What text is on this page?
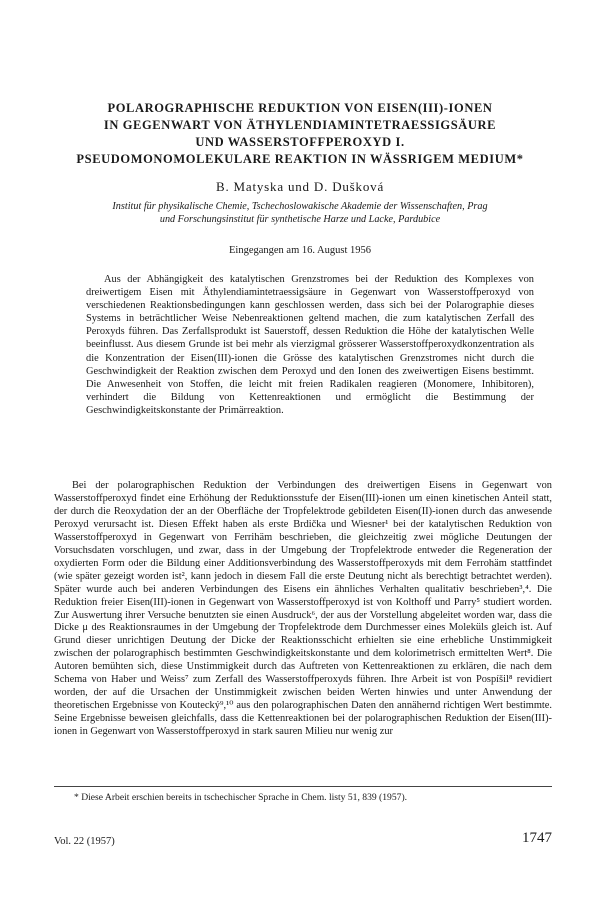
POLAROGRAPHISCHE REDUKTION VON EISEN(III)-IONEN
IN GEGENWART VON ÄTHYLENDIAMINTETRAESSIGSÄURE
UND WASSERSTOFFPEROXYD I.
PSEUDOMONOMOLEKULARE REAKTION IN WÄSSRIGEM MEDIUM*
B. Matyska und D. Dušková
Institut für physikalische Chemie, Tschechoslowakische Akademie der Wissenschaften, Prag
und Forschungsinstitut für synthetische Harze und Lacke, Pardubice
Eingegangen am 16. August 1956

Aus der Abhängigkeit des katalytischen Grenzstromes bei der Reduktion des Komplexes von dreiwertigem Eisen mit Äthylendiamintetraessigsäure in Gegenwart von Wasserstoffperoxyd von verschiedenen Reaktionsbedingungen kann geschlossen werden, dass sich bei der Polarographie dieses Systems in beträchtlicher Weise Nebenreaktionen geltend machen, die zum katalytischen Zerfall des Peroxyds führen. Das Zerfallsprodukt ist Sauerstoff, dessen Reduktion die Höhe der katalytischen Welle beeinflusst. Aus diesem Grunde ist bei mehr als vierzigmal grösserer Wasserstoffperoxydkonzentration als die Konzentration der Eisen(III)-ionen die Grösse des katalytischen Grenzstromes nicht durch die Geschwindigkeit der Reaktion zwischen dem Peroxyd und den Ionen des zweiwertigen Eisens bestimmt. Die Anwesenheit von Stoffen, die leicht mit freien Radikalen reagieren (Monomere, Inhibitoren), verhindert die Bildung von Kettenreaktionen und ermöglicht die Bestimmung der Geschwindigkeitskonstante der Primärreaktion.

Bei der polarographischen Reduktion der Verbindungen des dreiwertigen Eisens in Gegenwart von Wasserstoffperoxyd findet eine Erhöhung der Reduktionsstufe der Eisen(III)-ionen um einen kinetischen Anteil statt, der durch die Reoxydation der an der Oberfläche der Tropfelektrode gebildeten Eisen(II)-ionen durch das anwesende Peroxyd verursacht ist. Diesen Effekt haben als erste Brdička und Wiesner¹ bei der katalytischen Reduktion von Wasserstoffperoxyd in Gegenwart von Ferrihäm beschrieben, die gleichzeitig zwei mögliche Deutungen der Vorsuchsdaten vorschlugen, und zwar, dass in der Umgebung der Tropfelektrode entweder die Regeneration der oxydierten Form oder die Bildung einer Additionsverbindung des Wasserstoffperoxyds mit dem Ferrohäm stattfindet (wie später gezeigt worden ist², kann jedoch in diesem Fall die erste Deutung nicht als berechtigt betrachtet werden). Später wurde auch bei anderen Verbindungen des Eisens ein ähnliches Verhalten qualitativ beschrieben³,⁴. Die Reduktion freier Eisen(III)-ionen in Gegenwart von Wasserstoffperoxyd ist von Kolthoff und Parry⁵ studiert worden. Zur Auswertung ihrer Versuche benutzten sie einen Ausdruck⁶, der aus der Vorstellung abgeleitet worden war, dass die Dicke μ des Reaktionsraumes in der Umgebung der Tropfelektrode dem Durchmesser eines Moleküls gleich ist. Auf Grund dieser unrichtigen Deutung der Dicke der Reaktionsschicht erhielten sie eine erhebliche Unstimmigkeit zwischen der polarographisch bestimmten Geschwindigkeitskonstante und dem kolorimetrisch ermittelten Wert⁸. Die Autoren bemühten sich, diese Unstimmigkeit durch das Auftreten von Kettenreaktionen zu erklären, die nach dem Schema von Haber und Weiss⁷ zum Zerfall des Wasserstoffperoxyds führen. Ihre Arbeit ist von Pospíšil⁸ revidiert worden, der auf die Ursachen der Unstimmigkeit zwischen beiden Werten hinwies und unter Anwendung der theoretischen Ergebnisse von Koutecký⁹,¹⁰ aus den polarographischen Daten den annähernd richtigen Wert bestimmte. Seine Ergebnisse beweisen gleichfalls, dass die Kettenreaktionen bei der polarographischen Reduktion der Eisen(III)-ionen in Gegenwart von Wasserstoffperoxyd in stark sauren Milieu nur wenig zur

* Diese Arbeit erschien bereits in tschechischer Sprache in Chem. listy 51, 839 (1957).
Vol. 22 (1957)	1747
